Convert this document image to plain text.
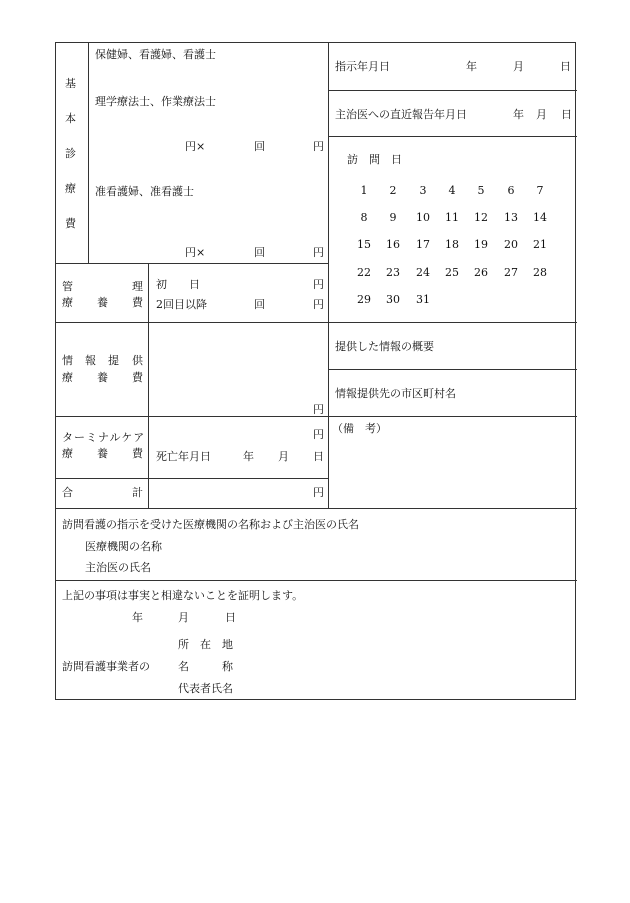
基
本
診
療
費
保健婦、看護婦、看護士
理学療法士、作業療法士
円×	回	円
准看護婦、准看護士
円×	回	円
指示年月日	年	月	日
主治医への直近報告年月日	年 月 日
訪　問　日
1	2	3	4	5	6	7
8	9	10 11 12 13 14
15 16 17 18 19 20 21
22 23 24 25 26 27 28
29 30 31
管	理
療 養 費
初　　日	円
2回目以降	回	円
情 報 提 供
療 養 費
円
提供した情報の概要
情報提供先の市区町村名
ターミナルケア
療 養 費
円
死亡年月日	年 月 日
（備　考）
合	計	円
訪問看護の指示を受けた医療機関の名称および主治医の氏名
医療機関の名称
主治医の氏名
上記の事項は事実と相違ないことを証明します。
年	月	日
所　在　地
訪問看護事業者の	名　　　称
代表者氏名
